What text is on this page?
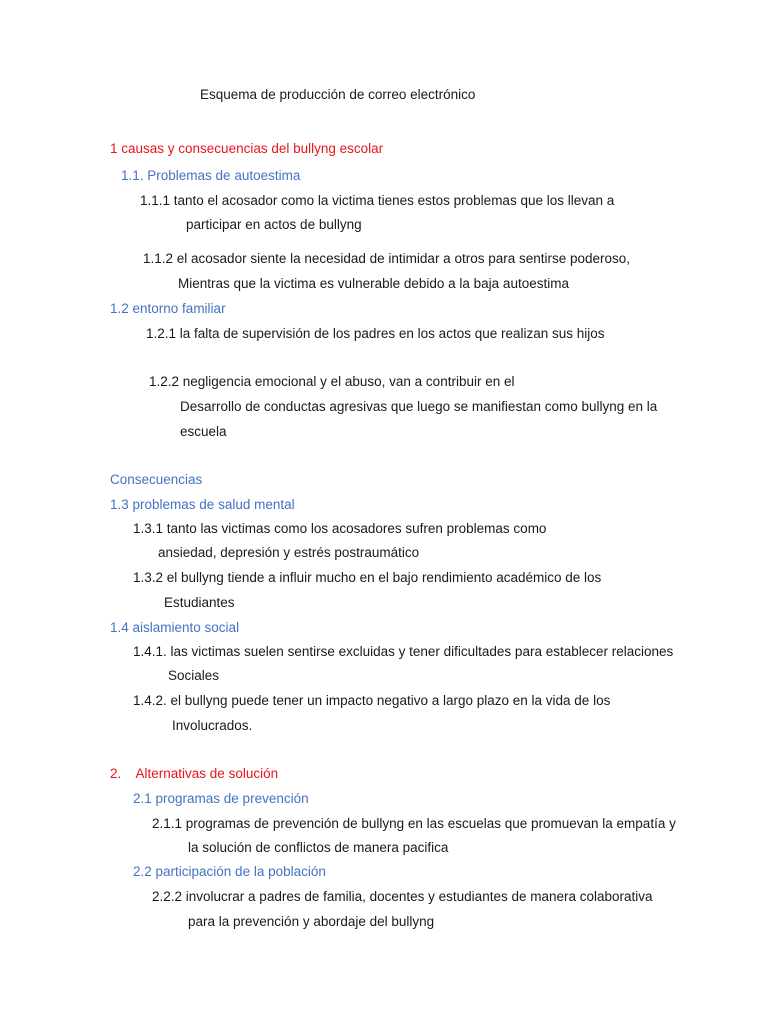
Esquema de producción de correo electrónico
1 causas y consecuencias del bullyng escolar
1.1. Problemas de autoestima
1.1.1 tanto el acosador como la victima tienes estos problemas que los llevan a
participar en actos de bullyng
1.1.2 el acosador siente la necesidad de intimidar a otros para sentirse poderoso,
Mientras que la victima es vulnerable debido a la baja autoestima
1.2 entorno familiar
1.2.1 la falta de supervisión de los padres en los actos que realizan sus hijos
1.2.2 negligencia emocional y el abuso, van a contribuir en el
Desarrollo de conductas agresivas que luego se manifiestan como bullyng en la
escuela
Consecuencias
1.3 problemas de salud mental
1.3.1 tanto las victimas como los acosadores sufren problemas como
ansiedad, depresión y estrés postraumático
1.3.2 el bullyng tiende a influir mucho en el bajo rendimiento académico de los
Estudiantes
1.4 aislamiento social
1.4.1. las victimas suelen sentirse excluidas y tener dificultades para establecer relaciones
Sociales
1.4.2. el bullyng puede tener un impacto negativo a largo plazo en la vida de los
Involucrados.
2.    Alternativas de solución
2.1 programas de prevención
2.1.1 programas de prevención de bullyng en las escuelas que promuevan la empatía y
la solución de conflictos de manera pacifica
2.2 participación de la población
2.2.2 involucrar a padres de familia, docentes y estudiantes de manera colaborativa
para la prevención y abordaje del bullyng
